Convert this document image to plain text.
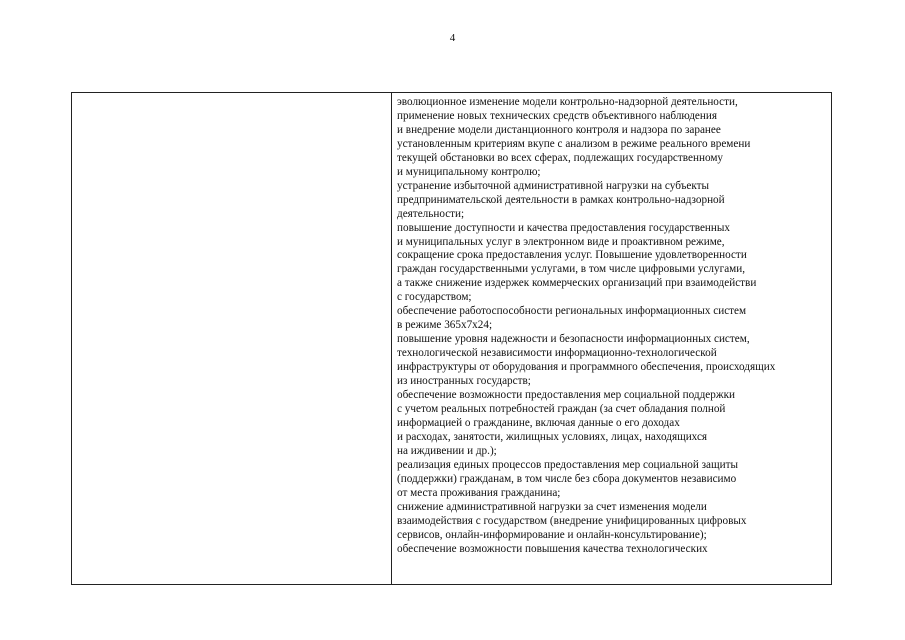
4
эволюционное изменение модели контрольно-надзорной деятельности,
применение новых технических средств объективного наблюдения
и внедрение модели дистанционного контроля и надзора по заранее
установленным критериям вкупе с анализом в режиме реального времени
текущей обстановки во всех сферах, подлежащих государственному
и муниципальному контролю;
устранение избыточной административной нагрузки на субъекты
предпринимательской деятельности в рамках контрольно-надзорной
деятельности;
повышение доступности и качества предоставления государственных
и муниципальных услуг в электронном виде и проактивном режиме,
сокращение срока предоставления услуг. Повышение удовлетворенности
граждан государственными услугами, в том числе цифровыми услугами,
а также снижение издержек коммерческих организаций при взаимодействи
с государством;
обеспечение работоспособности региональных информационных систем
в режиме 365х7х24;
повышение уровня надежности и безопасности информационных систем,
технологической независимости информационно-технологической
инфраструктуры от оборудования и программного обеспечения, происходящих
из иностранных государств;
обеспечение возможности предоставления мер социальной поддержки
с учетом реальных потребностей граждан (за счет обладания полной
информацией о гражданине, включая данные о его доходах
и расходах, занятости, жилищных условиях, лицах, находящихся
на иждивении и др.);
реализация единых процессов предоставления мер социальной защиты
(поддержки) гражданам, в том числе без сбора документов независимо
от места проживания гражданина;
снижение административной нагрузки за счет изменения модели
взаимодействия с государством (внедрение унифицированных цифровых
сервисов, онлайн-информирование и онлайн-консультирование);
обеспечение возможности повышения качества технологических
